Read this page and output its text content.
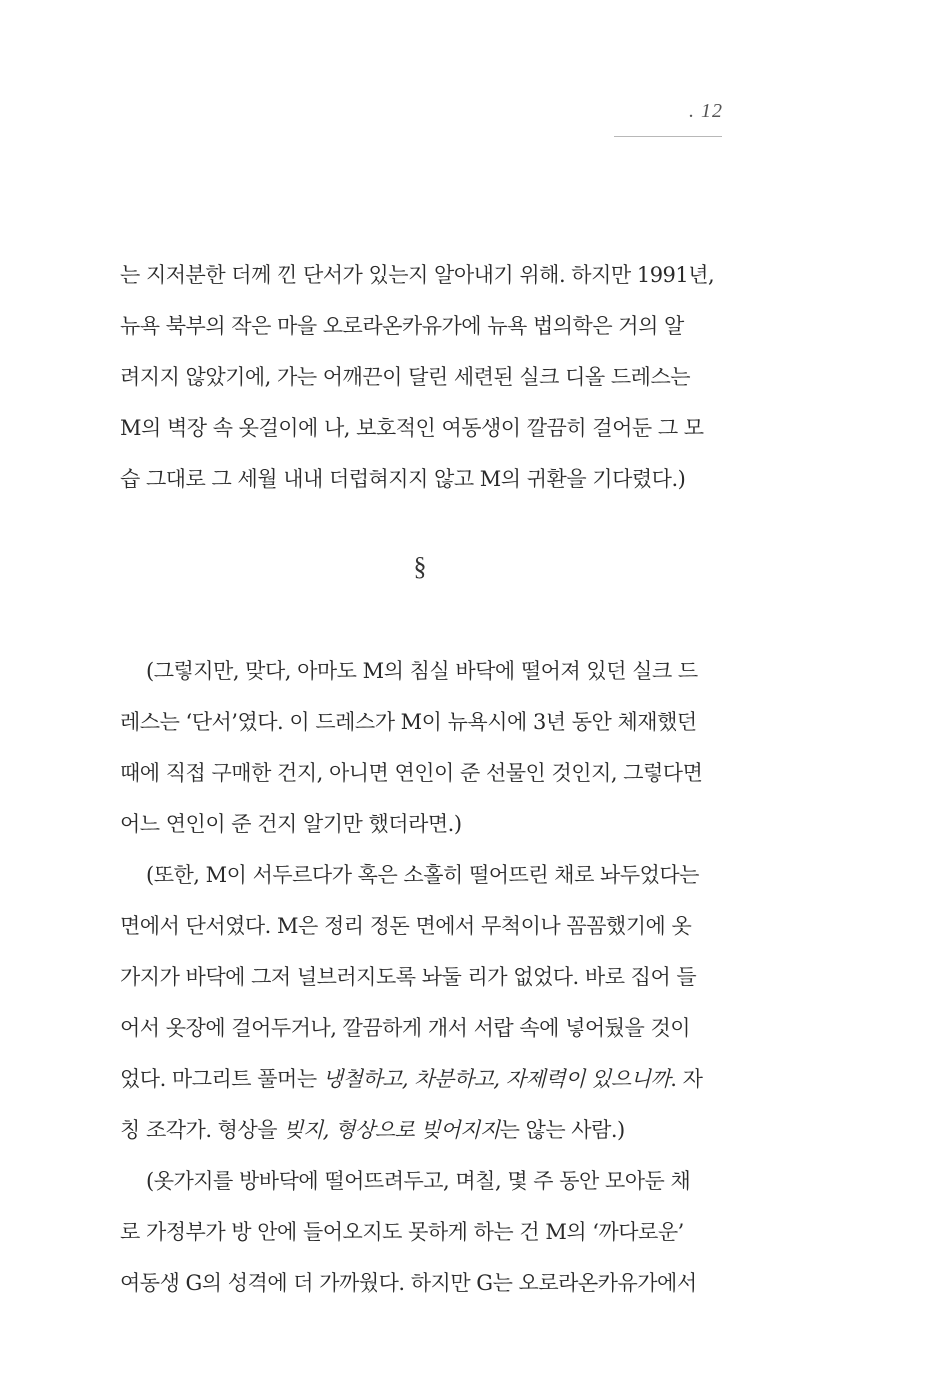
. 12
는 지저분한 더께 낀 단서가 있는지 알아내기 위해. 하지만 1991년,
뉴욕 북부의 작은 마을 오로라온카유가에 뉴욕 법의학은 거의 알
려지지 않았기에, 가는 어깨끈이 달린 세련된 실크 디올 드레스는
M의 벽장 속 옷걸이에 나, 보호적인 여동생이 깔끔히 걸어둔 그 모
습 그대로 그 세월 내내 더럽혀지지 않고 M의 귀환을 기다렸다.)
§
(그렇지만, 맞다, 아마도 M의 침실 바닥에 떨어져 있던 실크 드
레스는 ‘단서’였다. 이 드레스가 M이 뉴욕시에 3년 동안 체재했던
때에 직접 구매한 건지, 아니면 연인이 준 선물인 것인지, 그렇다면
어느 연인이 준 건지 알기만 했더라면.)
(또한, M이 서두르다가 혹은 소홀히 떨어뜨린 채로 놔두었다는
면에서 단서였다. M은 정리 정돈 면에서 무척이나 꼼꼼했기에 옷
가지가 바닥에 그저 널브러지도록 놔둘 리가 없었다. 바로 집어 들
어서 옷장에 걸어두거나, 깔끔하게 개서 서랍 속에 넣어뒀을 것이
었다. 마그리트 풀머는 냉철하고, 차분하고, 자제력이 있으니까. 자
칭 조각가. 형상을 빚지, 형상으로 빚어지지는 않는 사람.)
(옷가지를 방바닥에 떨어뜨려두고, 며칠, 몇 주 동안 모아둔 채
로 가정부가 방 안에 들어오지도 못하게 하는 건 M의 ‘까다로운’
여동생 G의 성격에 더 가까웠다. 하지만 G는 오로라온카유가에서
